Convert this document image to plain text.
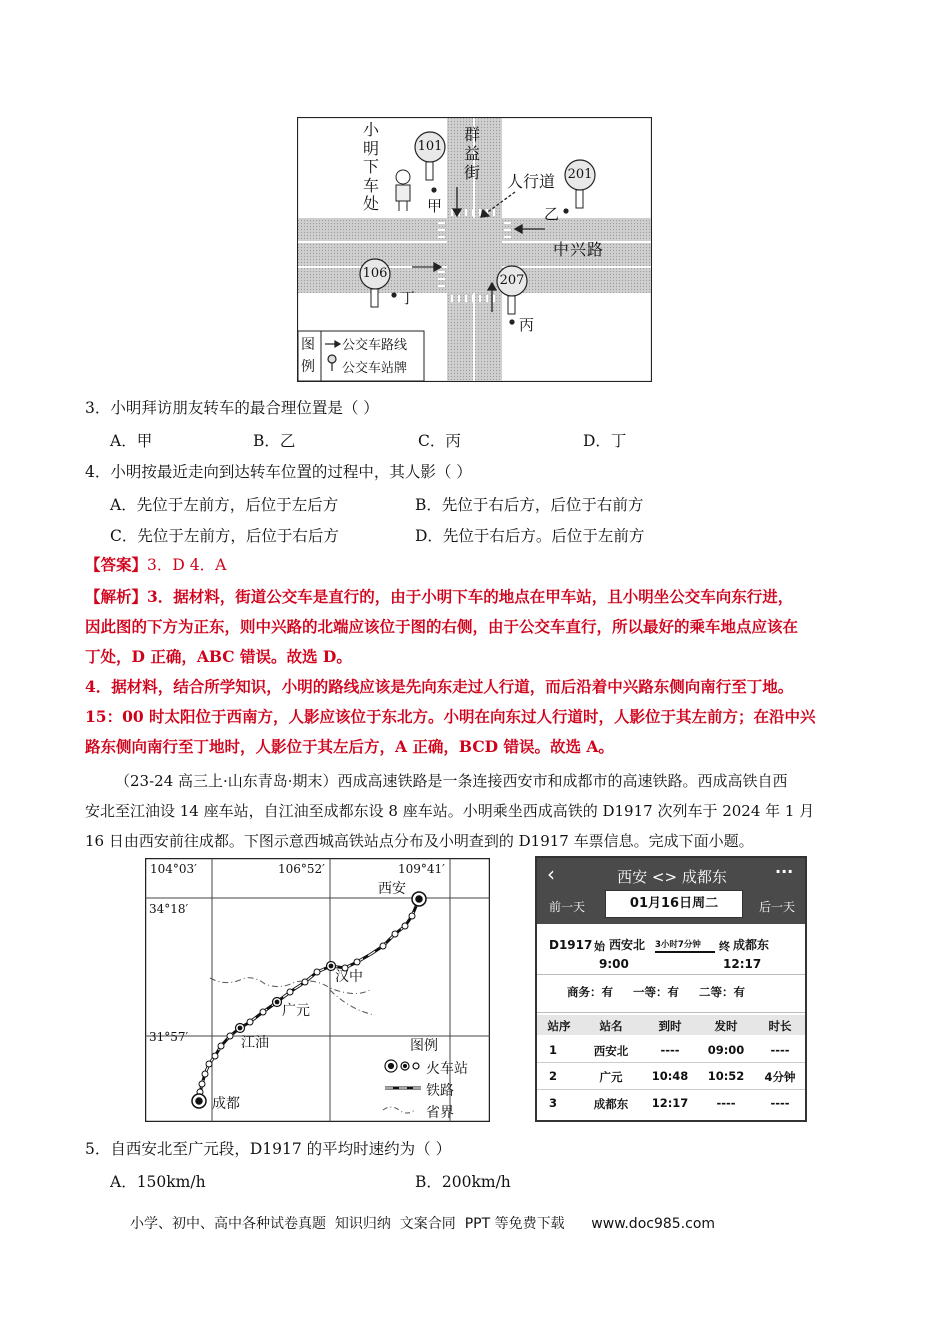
群益街
小明下车处
人行道
中兴路
101
201
106	207
甲	乙
丁
丙
图例
公交车路线
公交车站牌
3．小明拜访朋友转车的最合理位置是（ ）
A．甲	B．乙	C．丙	D．丁
4．小明按最近走向到达转车位置的过程中，其人影（ ）
A．先位于左前方，后位于左后方	B．先位于右后方，后位于右前方
C．先位于左前方，后位于右后方	D．先位于右后方。后位于左前方
【答案】3．D 4．A
【解析】3．据材料，街道公交车是直行的，由于小明下车的地点在甲车站，且小明坐公交车向东行进，
因此图的下方为正东，则中兴路的北端应该位于图的右侧，由于公交车直行，所以最好的乘车地点应该在
丁处，D 正确，ABC 错误。故选 D。
4．据材料，结合所学知识，小明的路线应该是先向东走过人行道，而后沿着中兴路东侧向南行至丁地。
15：00 时太阳位于西南方，人影应该位于东北方。小明在向东过人行道时，人影位于其左前方；在沿中兴
路东侧向南行至丁地时，人影位于其左后方，A 正确，BCD 错误。故选 A。
（23-24 高三上·山东青岛·期末）西成高速铁路是一条连接西安市和成都市的高速铁路。西成高铁自西
安北至江油设 14 座车站，自江油至成都东设 8 座车站。小明乘坐西成高铁的 D1917 次列车于 2024 年 1 月
16 日由西安前往成都。下图示意西城高铁站点分布及小明查到的 D1917 车票信息。完成下面小题。
104°03′	106°52′	109°41′
34°18′
31°57′
西安
汉中
广元
江油
成都
图例
火车站
铁路
省界
‹	西安 <> 成都东	···
前一天	01月16日周二	后一天
D1917 始 西安北 3小时7分钟 终 成都东
9:00	12:17
商务：有     一等：有     二等：有
站序	站名	到时	发时	时长
1	西安北	----	09:00	----
2	广元	10:48	10:52	4分钟
3	成都东	12:17	----	----
5．自西安北至广元段，D1917 的平均时速约为（ ）
A．150km/h	B．200km/h
小学、初中、高中各种试卷真题  知识归纳  文案合同  PPT 等免费下载      www.doc985.com
